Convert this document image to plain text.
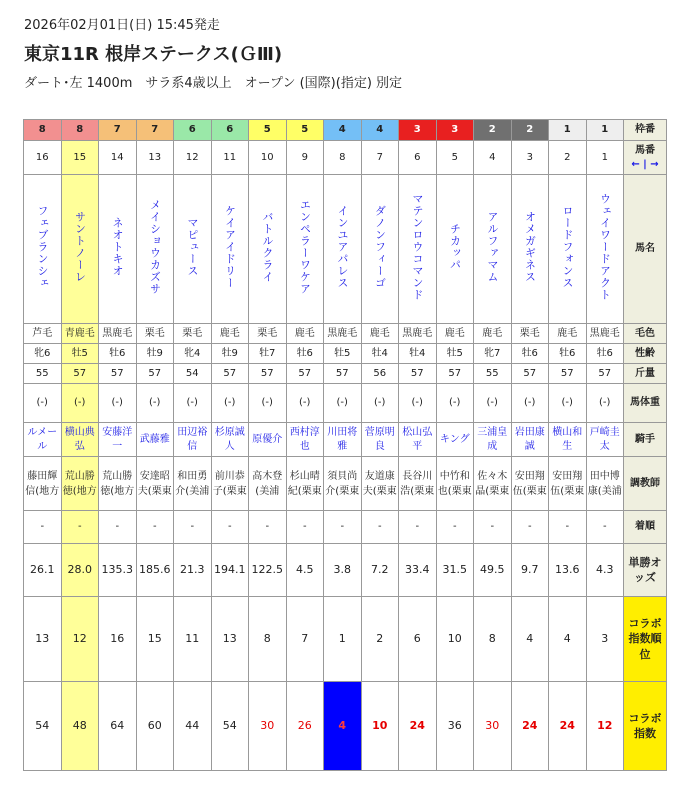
2026年02月01日(日) 15:45発走
東京11R 根岸ステークス(ＧⅢ)
ダート･左 1400m　サラ系4歳以上　オープン (国際)(指定) 別定
8	8	7	7	6	6	5	5	4	4	3	3	2	2	1	1	枠番

16	15	14	13	12	11	10	9	8	7	6	5	4	3	2	1	馬番
← | →

フェブランシェ	サントノーレ	ネオトキオ	メイショウカズサ	マピュース	ケイアイドリー	バトルクライ	エンペラーワケア	インユアパレス	ダノンフィーゴ	マテンロウコマンド	チカッパ	アルファマム	オメガギネス	ロードフォンス	ウェイワードアクト	馬名

芦毛	青鹿毛	黒鹿毛	栗毛	栗毛	鹿毛	栗毛	鹿毛	黒鹿毛	鹿毛	黒鹿毛	鹿毛	鹿毛	栗毛	鹿毛	黒鹿毛	毛色

牝6	牡5	牡6	牡9	牝4	牡9	牡7	牡6	牡5	牡4	牡4	牡5	牝7	牡6	牡6	牡6	性齢

55	57	57	57	54	57	57	57	57	56	57	57	55	57	57	57	斤量

(-)	(-)	(-)	(-)	(-)	(-)	(-)	(-)	(-)	(-)	(-)	(-)	(-)	(-)	(-)	(-)	馬体重

ルメール	横山典弘	安藤洋一	武藤雅	田辺裕信	杉原誠人	原優介	西村淳也	川田将雅	菅原明良	松山弘平	キング	三浦皇成	岩田康誠	横山和生	戸崎圭太	騎手

藤田輝信(地方	荒山勝徳(地方	荒山勝徳(地方	安達昭夫(栗東	和田勇介(美浦	前川恭子(栗東	高木登(美浦	杉山晴紀(栗東	須貝尚介(栗東	友道康夫(栗東	長谷川浩(栗東	中竹和也(栗東	佐々木晶(栗東	安田翔伍(栗東	安田翔伍(栗東	田中博康(美浦	調教師

-	-	-	-	-	-	-	-	-	-	-	-	-	-	-	-	着順

26.1	28.0	135.3	185.6	21.3	194.1	122.5	4.5	3.8	7.2	33.4	31.5	49.5	9.7	13.6	4.3	単勝オッズ

13	12	16	15	11	13	8	7	1	2	6	10	8	4	4	3	コラボ指数順位

54	48	64	60	44	54	30	26	4	10	24	36	30	24	24	12	コラボ指数
